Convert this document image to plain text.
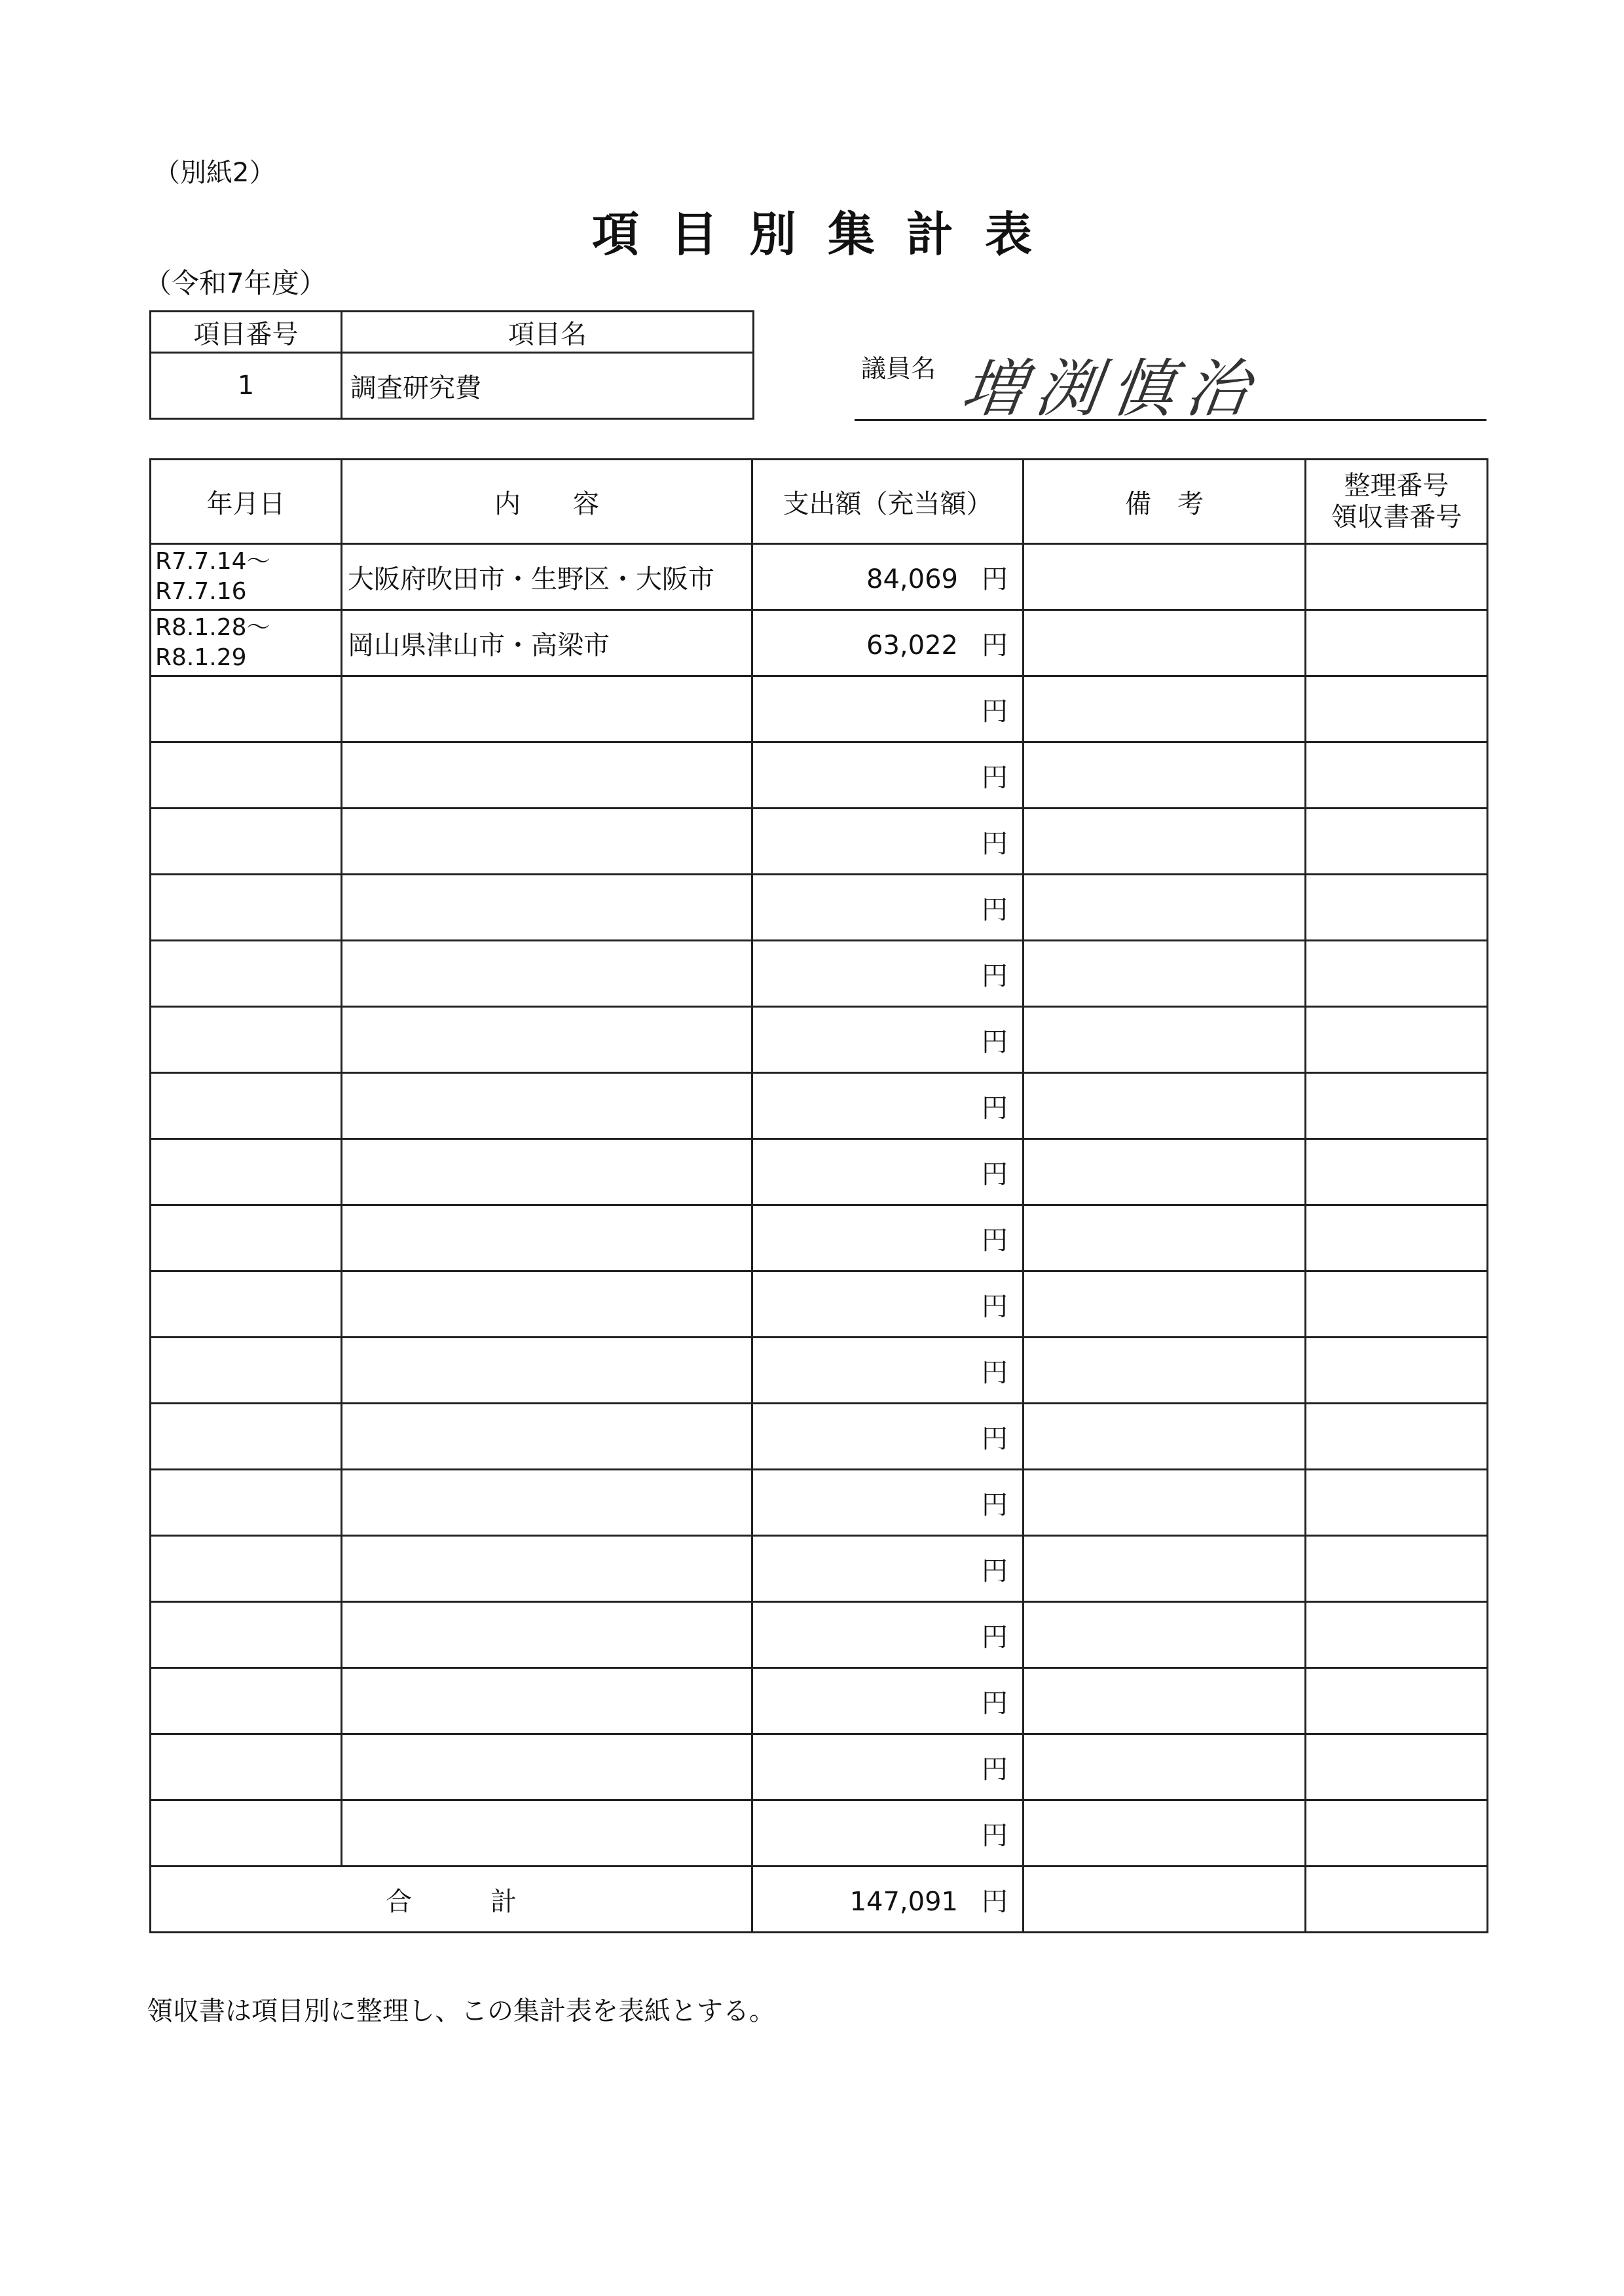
（別紙2）
項目別集計表
（令和7年度）
項目番号	項目名
1	調査研究費
議員名 増渕慎治
年月日	内　　容	支出額（充当額）	備　考	整理番号
領収書番号

R7.7.14～
R7.7.16	大阪府吹田市・生野区・大阪市	84,069 円		

R8.1.28～
R8.1.29	岡山県津山市・高梁市	63,022 円		

		円		

		円		

		円		

		円		

		円		

		円		

		円		

		円		

		円		

		円		

		円		

		円		

		円		

		円		

		円		

		円		

		円		

		円		
合計		147,091 円		
領収書は項目別に整理し、この集計表を表紙とする。
